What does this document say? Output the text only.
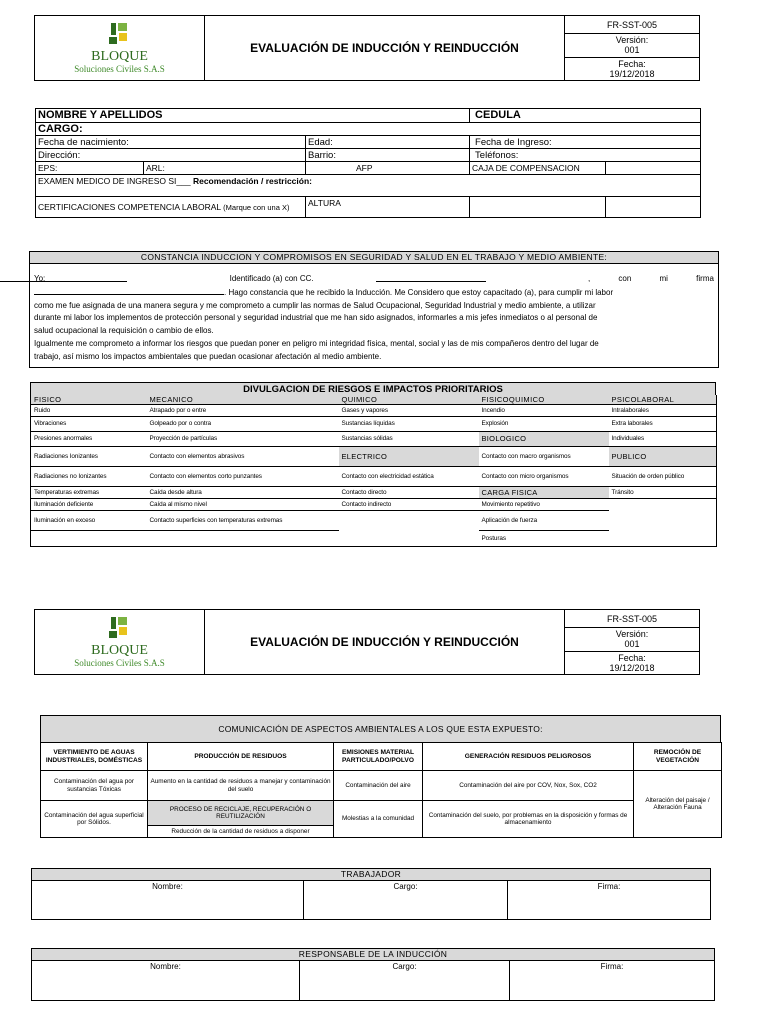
BLOQUE
Soluciones Civiles S.A.S
	EVALUACIÓN DE INDUCCIÓN Y REINDUCCIÓN	FR-SST-005
Versión:
001
Fecha:
19/12/2018
NOMBRE Y APELLIDOS			CEDULA	
CARGO:				
Fecha de nacimiento:		Edad:	Fecha de Ingreso:	
Dirección:		Barrio:	Teléfonos:	
EPS:	ARL:	AFP	CAJA DE COMPENSACION	
EXAMEN MEDICO DE INGRESO SI___ Recomendación / restricción:				
CERTIFICACIONES COMPETENCIA LABORAL (Marque con una X)		ALTURA		
CONSTANCIA INDUCCION Y COMPROMISOS EN SEGURIDAD Y SALUD EN EL TRABAJO Y MEDIO AMBIENTE:
Yo:	Identificado (a) con CC.	, con mi firma
. Hago constancia que he recibido la Inducción. Me Considero que estoy capacitado (a), para cumplir mi labor
como me fue asignada de una manera segura y me comprometo a cumplir las normas de Salud Ocupacional, Seguridad Industrial y medio ambiente, a utilizar
durante mi labor los implementos de protección personal y seguridad industrial que me han sido asignados, informarles a mis jefes inmediatos o al personal de
salud ocupacional la requisición o cambio de ellos.
Igualmente me comprometo a informar los riesgos que puedan poner en peligro mi integridad física, mental, social y las de mis compañeros dentro del lugar de
trabajo, así mismo los impactos ambientales que puedan ocasionar afectación al medio ambiente.
DIVULGACION DE RIESGOS E IMPACTOS PRIORITARIOS
FISICO	MECANICO	QUIMICO	FISICOQUIMICO	PSICOLABORAL
Ruido	Atrapado por o entre	Gases y vapores	Incendio	Intralaborales
Vibraciones	Golpeado por o contra	Sustancias líquidas	Explosión	Extra laborales
Presiones anormales	Proyección de partículas	Sustancias sólidas	BIOLOGICO	Individuales
Radiaciones Ionizantes	Contacto con elementos abrasivos	ELECTRICO	Contacto con macro organismos	PUBLICO
Radiaciones no Ionizantes	Contacto con elementos corto punzantes	Contacto con electricidad estática	Contacto con micro organismos	Situación de orden público
Temperaturas extremas	Caída desde altura	Contacto directo	CARGA FISICA	Tránsito
Iluminación deficiente	Caída al mismo nivel	Contacto indirecto	Movimiento repetitivo	
Iluminación en exceso	Contacto superficies con temperaturas extremas		Aplicación de fuerza	
			Posturas	
BLOQUE
Soluciones Civiles S.A.S
	EVALUACIÓN DE INDUCCIÓN Y REINDUCCIÓN	FR-SST-005
Versión:
001
Fecha:
19/12/2018
COMUNICACIÓN DE ASPECTOS AMBIENTALES A LOS QUE ESTA EXPUESTO:
VERTIMIENTO DE AGUAS INDUSTRIALES, DOMÉSTICAS	PRODUCCIÓN DE RESIDUOS	EMISIONES MATERIAL PARTICULADO/POLVO	GENERACIÓN RESIDUOS PELIGROSOS	REMOCIÓN DE VEGETACIÓN
Contaminación del agua por sustancias Tóxicas	Aumento en la cantidad de residuos a manejar y contaminación del suelo	Contaminación del aire	Contaminación del aire por COV, Nox, Sox, CO2	Alteración del paisaje / Alteración Fauna
Contaminación del agua superficial por Sólidos.	PROCESO DE RECICLAJE, RECUPERACIÓN O REUTILIZACIÓN	Molestias a la comunidad	Contaminación del suelo, por problemas en la disposición y formas de almacenamiento	
	Reducción de la cantidad de residuos a disponer			
TRABAJADOR
Nombre:	Cargo:	Firma:
RESPONSABLE DE LA INDUCCIÓN
Nombre:	Cargo:	Firma:
